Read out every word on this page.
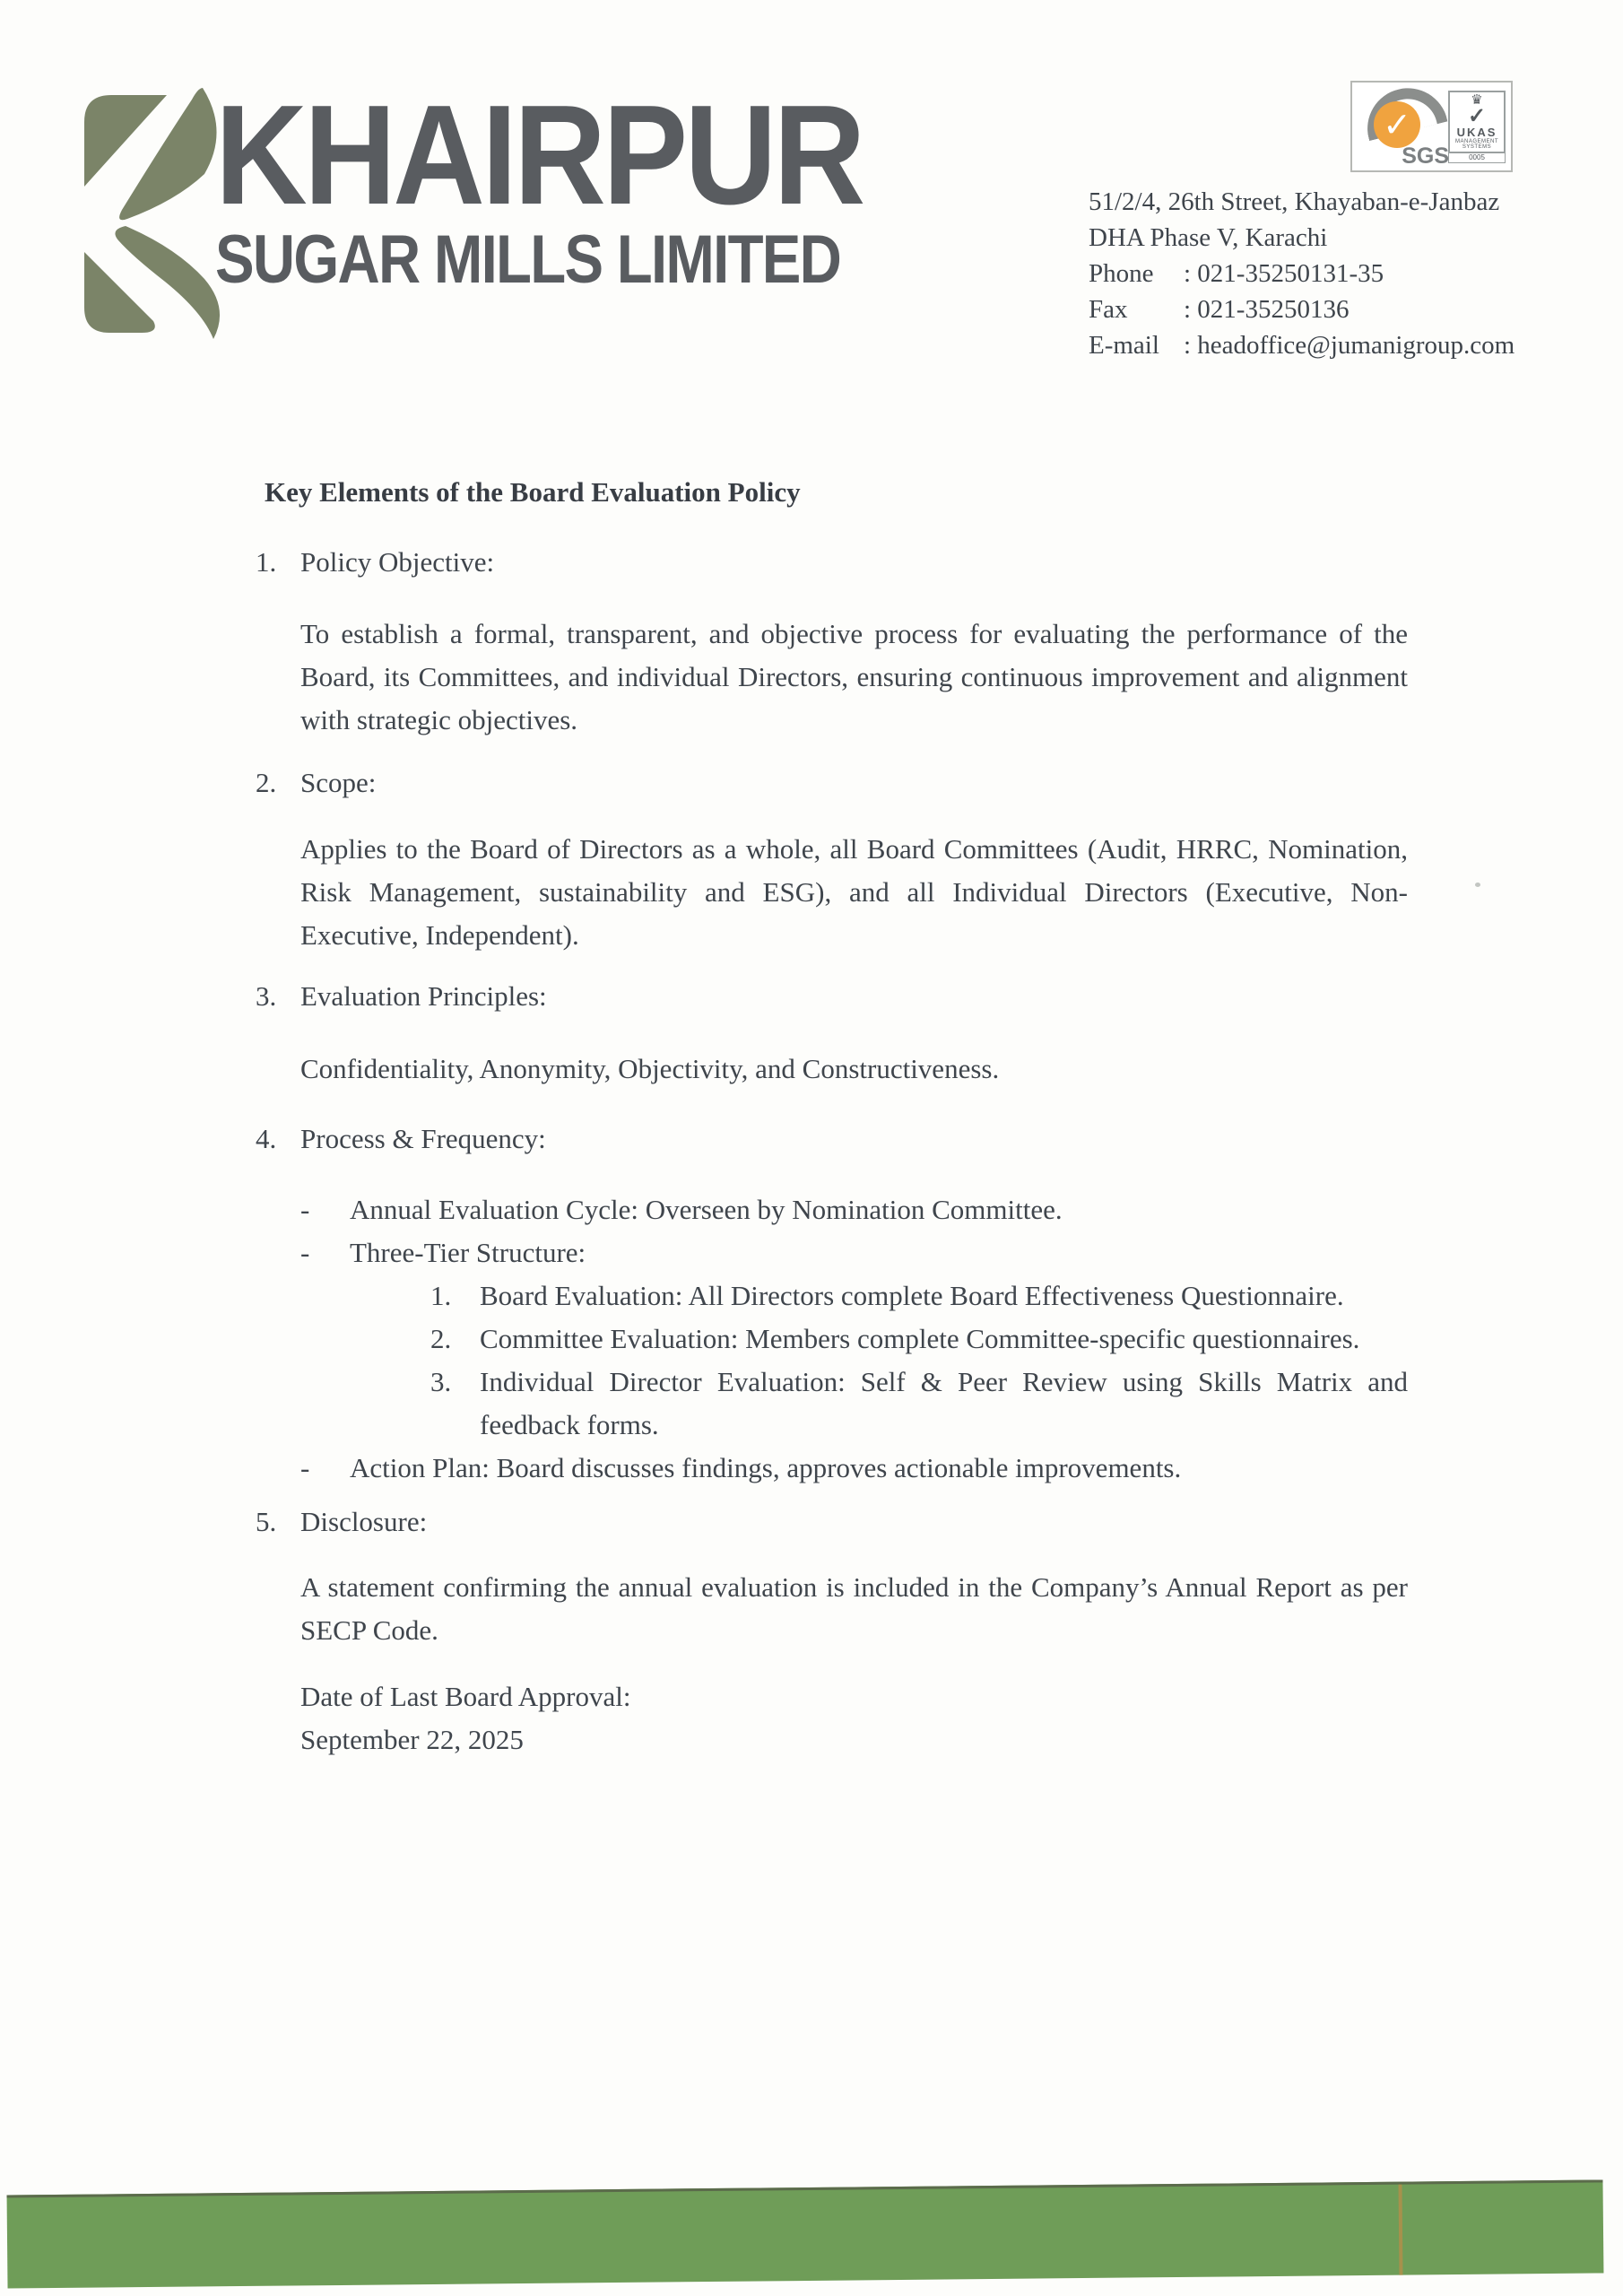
KHAIRPUR
SUGAR MILLS LIMITED
✓
SGS
♛
✓
UKAS
MANAGEMENT
SYSTEMS
0005
51/2/4, 26th Street, Khayaban-e-Janbaz
DHA Phase V, Karachi
Phone	: 021-35250131-35
Fax	: 021-35250136
E-mail : headoffice@jumanigroup.com
Key Elements of the Board Evaluation Policy
1. Policy Objective:
To establish a formal, transparent, and objective process for evaluating the performance of the Board, its Committees, and individual Directors, ensuring continuous improvement and alignment with strategic objectives.
2. Scope:
Applies to the Board of Directors as a whole, all Board Committees (Audit, HRRC, Nomination, Risk Management, sustainability and ESG), and all Individual Directors (Executive, Non-Executive, Independent).
3. Evaluation Principles:
Confidentiality, Anonymity, Objectivity, and Constructiveness.
4. Process & Frequency:
-	Annual Evaluation Cycle: Overseen by Nomination Committee.
-	Three-Tier Structure:
1.	Board Evaluation: All Directors complete Board Effectiveness Questionnaire.
2.	Committee Evaluation: Members complete Committee-specific questionnaires.
3.	Individual Director Evaluation: Self & Peer Review using Skills Matrix and feedback forms.
-	Action Plan: Board discusses findings, approves actionable improvements.
5. Disclosure:
A statement confirming the annual evaluation is included in the Company’s Annual Report as per SECP Code.
Date of Last Board Approval:
September 22, 2025
